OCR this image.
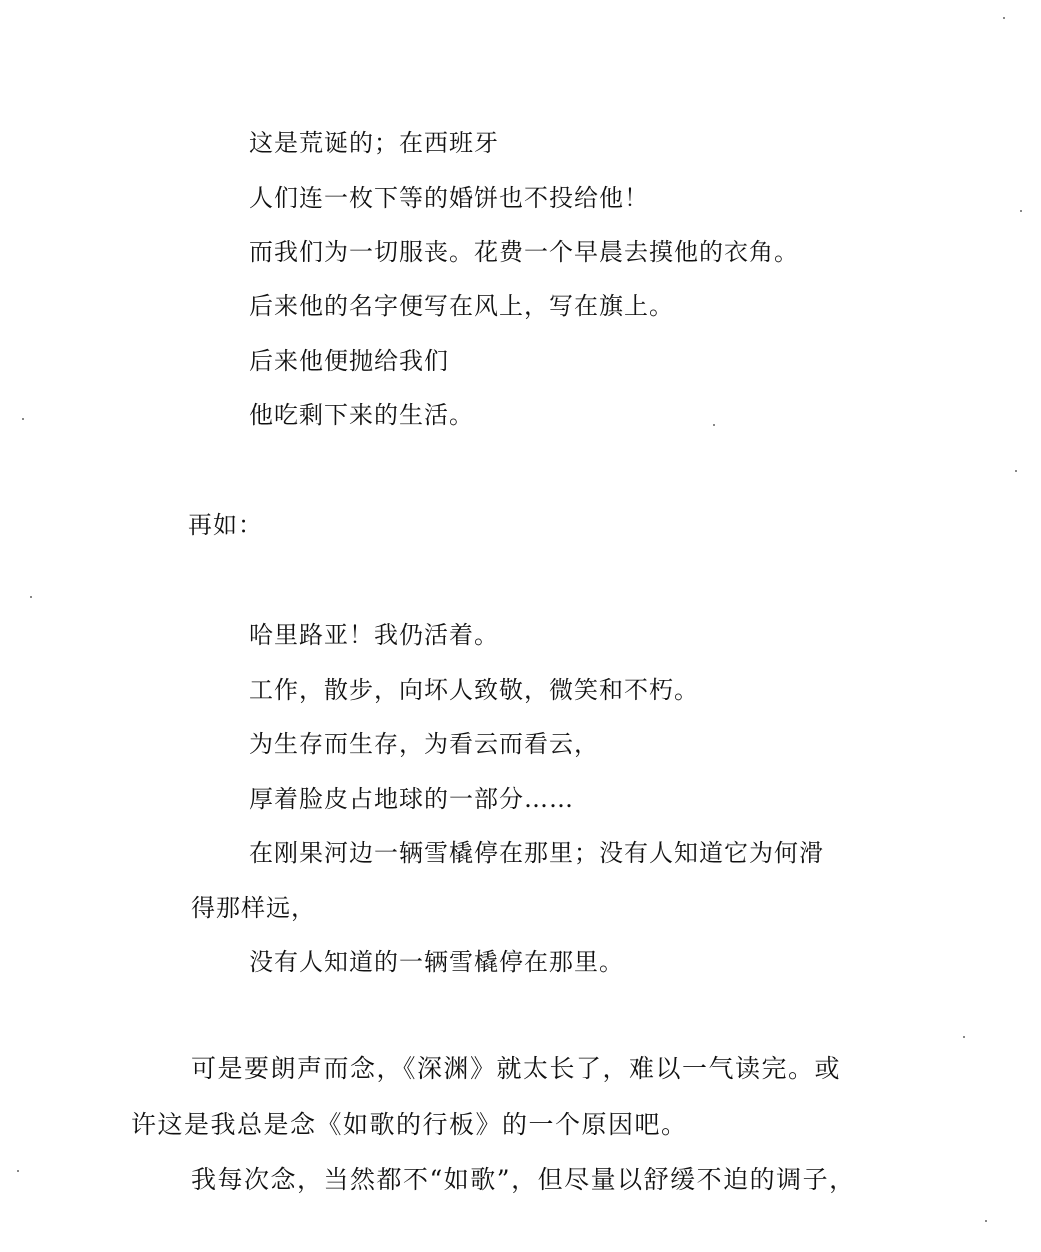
这是荒诞的；在西班牙
人们连一枚下等的婚饼也不投给他！
而我们为一切服丧。花费一个早晨去摸他的衣角。
后来他的名字便写在风上，写在旗上。
后来他便抛给我们
他吃剩下来的生活。
再如：
哈里路亚！我仍活着。
工作，散步，向坏人致敬，微笑和不朽。
为生存而生存，为看云而看云，
厚着脸皮占地球的一部分……
在刚果河边一辆雪橇停在那里；没有人知道它为何滑
得那样远，
没有人知道的一辆雪橇停在那里。
可是要朗声而念，《深渊》就太长了，难以一气读完。或
许这是我总是念《如歌的行板》的一个原因吧。
我每次念，当然都不“如歌”，但尽量以舒缓不迫的调子，
